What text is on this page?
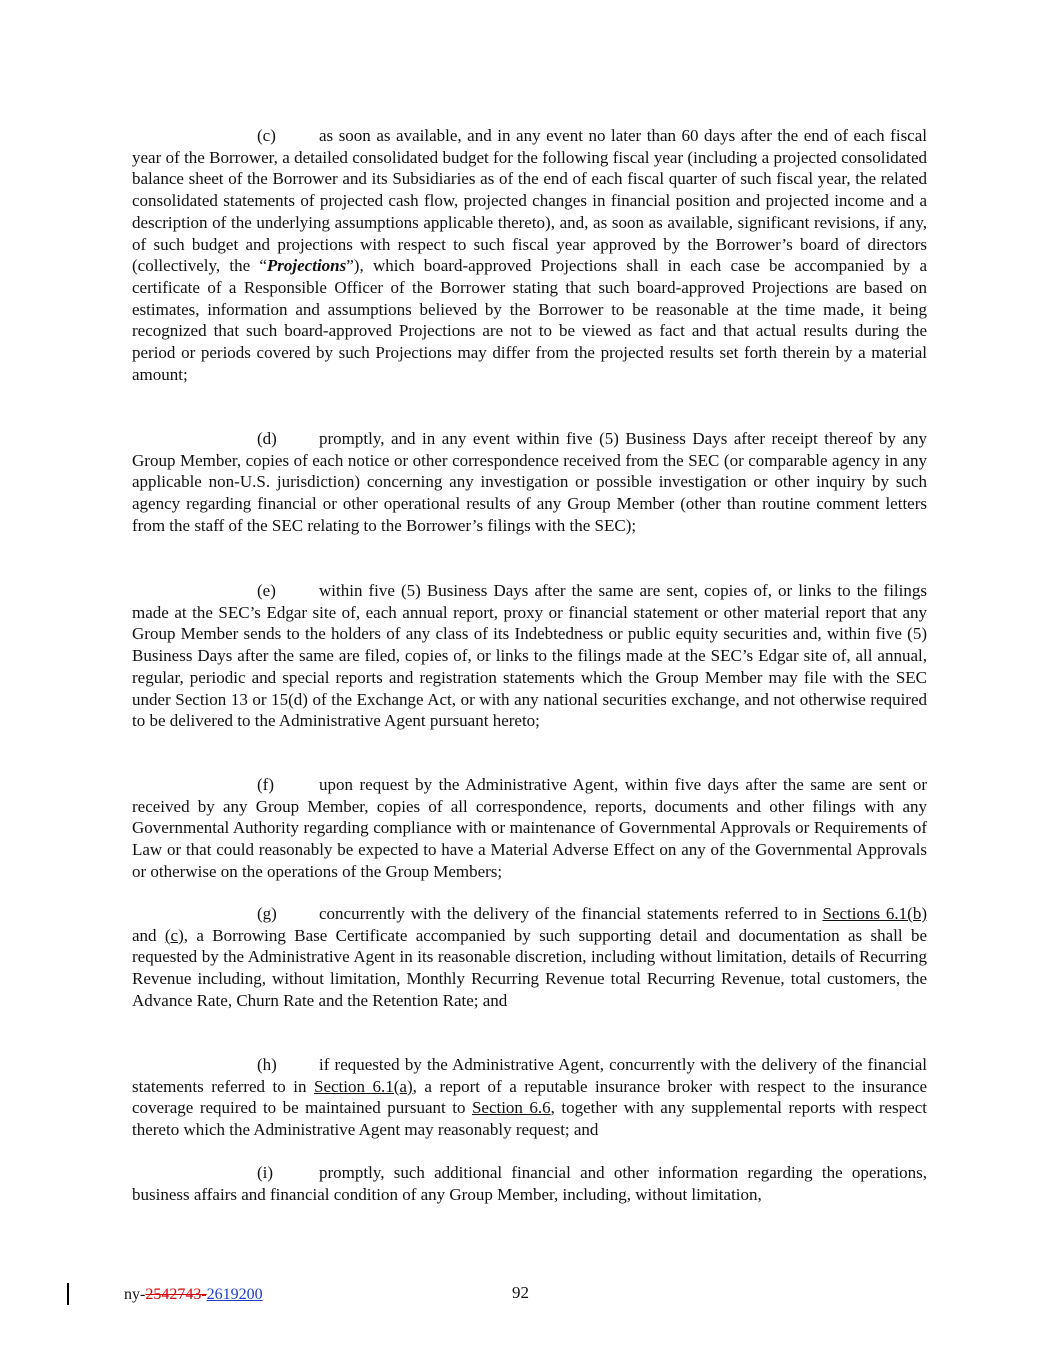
(c)	as soon as available, and in any event no later than 60 days after the end of each fiscal year of the Borrower, a detailed consolidated budget for the following fiscal year (including a projected consolidated balance sheet of the Borrower and its Subsidiaries as of the end of each fiscal quarter of such fiscal year, the related consolidated statements of projected cash flow, projected changes in financial position and projected income and a description of the underlying assumptions applicable thereto), and, as soon as available, significant revisions, if any, of such budget and projections with respect to such fiscal year approved by the Borrower’s board of directors (collectively, the “Projections”), which board-approved Projections shall in each case be accompanied by a certificate of a Responsible Officer of the Borrower stating that such board-approved Projections are based on estimates, information and assumptions believed by the Borrower to be reasonable at the time made, it being recognized that such board-approved Projections are not to be viewed as fact and that actual results during the period or periods covered by such Projections may differ from the projected results set forth therein by a material amount;

(d) promptly, and in any event within five (5) Business Days after receipt thereof by any Group Member, copies of each notice or other correspondence received from the SEC (or comparable agency in any applicable non-U.S. jurisdiction) concerning any investigation or possible investigation or other inquiry by such agency regarding financial or other operational results of any Group Member (other than routine comment letters from the staff of the SEC relating to the Borrower’s filings with the SEC);

(e)	within five (5) Business Days after the same are sent, copies of, or links to the filings made at the SEC’s Edgar site of, each annual report, proxy or financial statement or other material report that any Group Member sends to the holders of any class of its Indebtedness or public equity securities and, within five (5) Business Days after the same are filed, copies of, or links to the filings made at the SEC’s Edgar site of, all annual, regular, periodic and special reports and registration statements which the Group Member may file with the SEC under Section 13 or 15(d) of the Exchange Act, or with any national securities exchange, and not otherwise required to be delivered to the Administrative Agent pursuant hereto;

(f)	upon request by the Administrative Agent, within five days after the same are sent or received by any Group Member, copies of all correspondence, reports, documents and other filings with any Governmental Authority regarding compliance with or maintenance of Governmental Approvals or Requirements of Law or that could reasonably be expected to have a Material Adverse Effect on any of the Governmental Approvals or otherwise on the operations of the Group Members;

(g) concurrently with the delivery of the financial statements referred to in Sections 6.1(b) and (c), a Borrowing Base Certificate accompanied by such supporting detail and documentation as shall be requested by the Administrative Agent in its reasonable discretion, including without limitation, details of Recurring Revenue including, without limitation, Monthly Recurring Revenue total Recurring Revenue, total customers, the Advance Rate, Churn Rate and the Retention Rate; and

(h) if requested by the Administrative Agent, concurrently with the delivery of the financial statements referred to in Section 6.1(a), a report of a reputable insurance broker with respect to the insurance coverage required to be maintained pursuant to Section 6.6, together with any supplemental reports with respect thereto which the Administrative Agent may reasonably request; and

(i)	promptly, such additional financial and other information regarding the operations, business affairs and financial condition of any Group Member, including, without limitation,

ny-2542743-2619200	92
